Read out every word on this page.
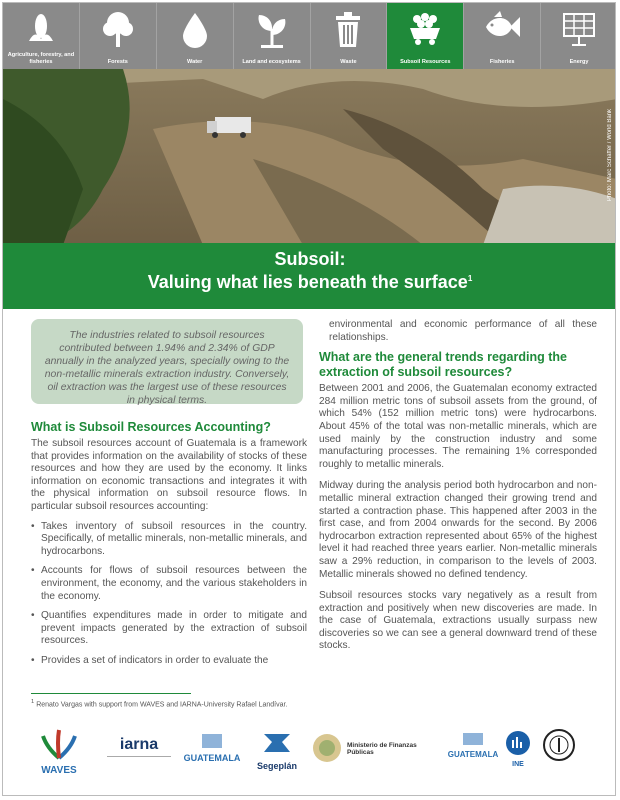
Agriculture, forestry, and fisheries	Forests	Water	Land and ecosystems	Waste	Subsoil Resources	Fisheries	Energy
Photo: Marc Schaffer / World Bank
Subsoil:
Valuing what lies beneath the surface$^1$
The industries related to subsoil resources contributed between 1.94% and 2.34% of GDP annually in the analyzed years, specially owing to the non-metallic minerals extraction industry. Conversely, oil extraction was the largest use of these resources in physical terms.
What is Subsoil Resources Accounting?

The subsoil resources account of Guatemala is a framework that provides information on the availability of stocks of these resources and how they are used by the economy. It links information on economic transactions and integrates it with the physical information on subsoil resource flows. In particular subsoil resources accounting:

• Takes inventory of subsoil resources in the country. Specifically, of metallic minerals, non-metallic minerals, and hydrocarbons.
• Accounts for flows of subsoil resources between the environment, the economy, and the various stakeholders in the economy.
• Quantifies expenditures made in order to mitigate and prevent impacts generated by the extraction of subsoil resources.
• Provides a set of indicators in order to evaluate the

environmental and economic performance of all these relationships.

What are the general trends regarding the extraction of subsoil resources?

Between 2001 and 2006, the Guatemalan economy extracted 284 million metric tons of subsoil assets from the ground, of which 54% (152 million metric tons) were hydrocarbons. About 45% of the total was non-metallic minerals, which are used mainly by the construction industry and some manufacturing processes. The remaining 1% corresponded roughly to metallic minerals.

Midway during the analysis period both hydrocarbon and non-metallic mineral extraction changed their growing trend and started a contraction phase. This happened after 2003 in the first case, and from 2004 onwards for the second. By 2006 hydrocarbon extraction represented about 65% of the highest level it had reached three years earlier. Non-metallic minerals saw a 29% reduction, in comparison to the levels of 2003. Metallic minerals showed no defined tendency.

Subsoil resources stocks vary negatively as a result from extraction and positively when new discoveries are made. In the case of Guatemala, extractions usually surpass new discoveries so we can see a general downward trend of these stocks.

$^1$ Renato Vargas with support from WAVES and IARNA-University Rafael Landívar.
WAVES
iarna
GUATEMALA
Segeplán
Ministerio de Finanzas Públicas	GUATEMALA
INE
